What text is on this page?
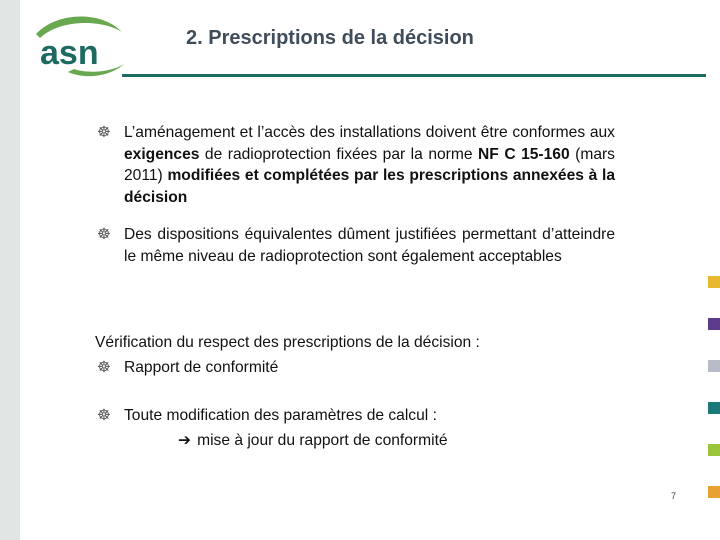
asn	2. Prescriptions de la décision
☸ L’aménagement et l’accès des installations doivent être conformes aux exigences de radioprotection fixées par la norme NF C 15-160 (mars 2011) modifiées et complétées par les prescriptions annexées à la décision
☸ Des dispositions équivalentes dûment justifiées permettant d’atteindre le même niveau de radioprotection sont également acceptables
Vérification du respect des prescriptions de la décision :
☸ Rapport de conformité
☸ Toute modification des paramètres de calcul :
➔ mise à jour du rapport de conformité
7
